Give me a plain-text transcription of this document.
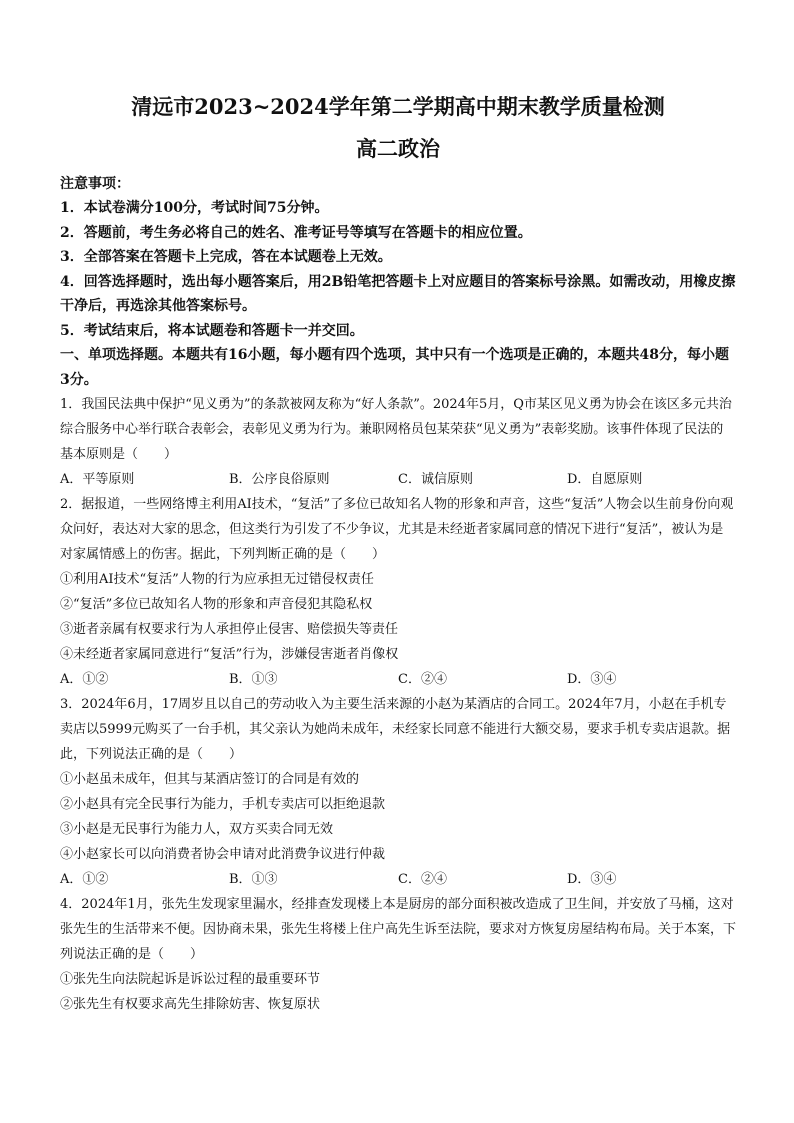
清远市2023~2024学年第二学期高中期末教学质量检测
高二政治
注意事项：
1．本试卷满分100分，考试时间75分钟。
2．答题前，考生务必将自己的姓名、准考证号等填写在答题卡的相应位置。
3．全部答案在答题卡上完成，答在本试题卷上无效。
4．回答选择题时，选出每小题答案后，用2B铅笔把答题卡上对应题目的答案标号涂黑。如需改动，用橡皮擦干净后，再选涂其他答案标号。
5．考试结束后，将本试题卷和答题卡一并交回。
一、单项选择题。本题共有16小题，每小题有四个选项，其中只有一个选项是正确的，本题共48分，每小题3分。
1．我国民法典中保护“见义勇为”的条款被网友称为“好人条款”。2024年5月，Q市某区见义勇为协会在该区多元共治综合服务中心举行联合表彰会，表彰见义勇为行为。兼职网格员包某荣获“见义勇为”表彰奖励。该事件体现了民法的基本原则是（　　）
A．平等原则	B．公序良俗原则	C．诚信原则	D．自愿原则
2．据报道，一些网络博主利用AI技术，“复活”了多位已故知名人物的形象和声音，这些“复活”人物会以生前身份向观众问好，表达对大家的思念，但这类行为引发了不少争议，尤其是未经逝者家属同意的情况下进行“复活”，被认为是对家属情感上的伤害。据此，下列判断正确的是（　　）
①利用AI技术“复活”人物的行为应承担无过错侵权责任
②“复活”多位已故知名人物的形象和声音侵犯其隐私权
③逝者亲属有权要求行为人承担停止侵害、赔偿损失等责任
④未经逝者家属同意进行“复活”行为，涉嫌侵害逝者肖像权
A．①②	B．①③	C．②④	D．③④
3．2024年6月，17周岁且以自己的劳动收入为主要生活来源的小赵为某酒店的合同工。2024年7月，小赵在手机专卖店以5999元购买了一台手机，其父亲认为她尚未成年，未经家长同意不能进行大额交易，要求手机专卖店退款。据此，下列说法正确的是（　　）
①小赵虽未成年，但其与某酒店签订的合同是有效的
②小赵具有完全民事行为能力，手机专卖店可以拒绝退款
③小赵是无民事行为能力人，双方买卖合同无效
④小赵家长可以向消费者协会申请对此消费争议进行仲裁
A．①②	B．①③	C．②④	D．③④
4．2024年1月，张先生发现家里漏水，经排查发现楼上本是厨房的部分面积被改造成了卫生间，并安放了马桶，这对张先生的生活带来不便。因协商未果，张先生将楼上住户高先生诉至法院，要求对方恢复房屋结构布局。关于本案，下列说法正确的是（　　）
①张先生向法院起诉是诉讼过程的最重要环节
②张先生有权要求高先生排除妨害、恢复原状
